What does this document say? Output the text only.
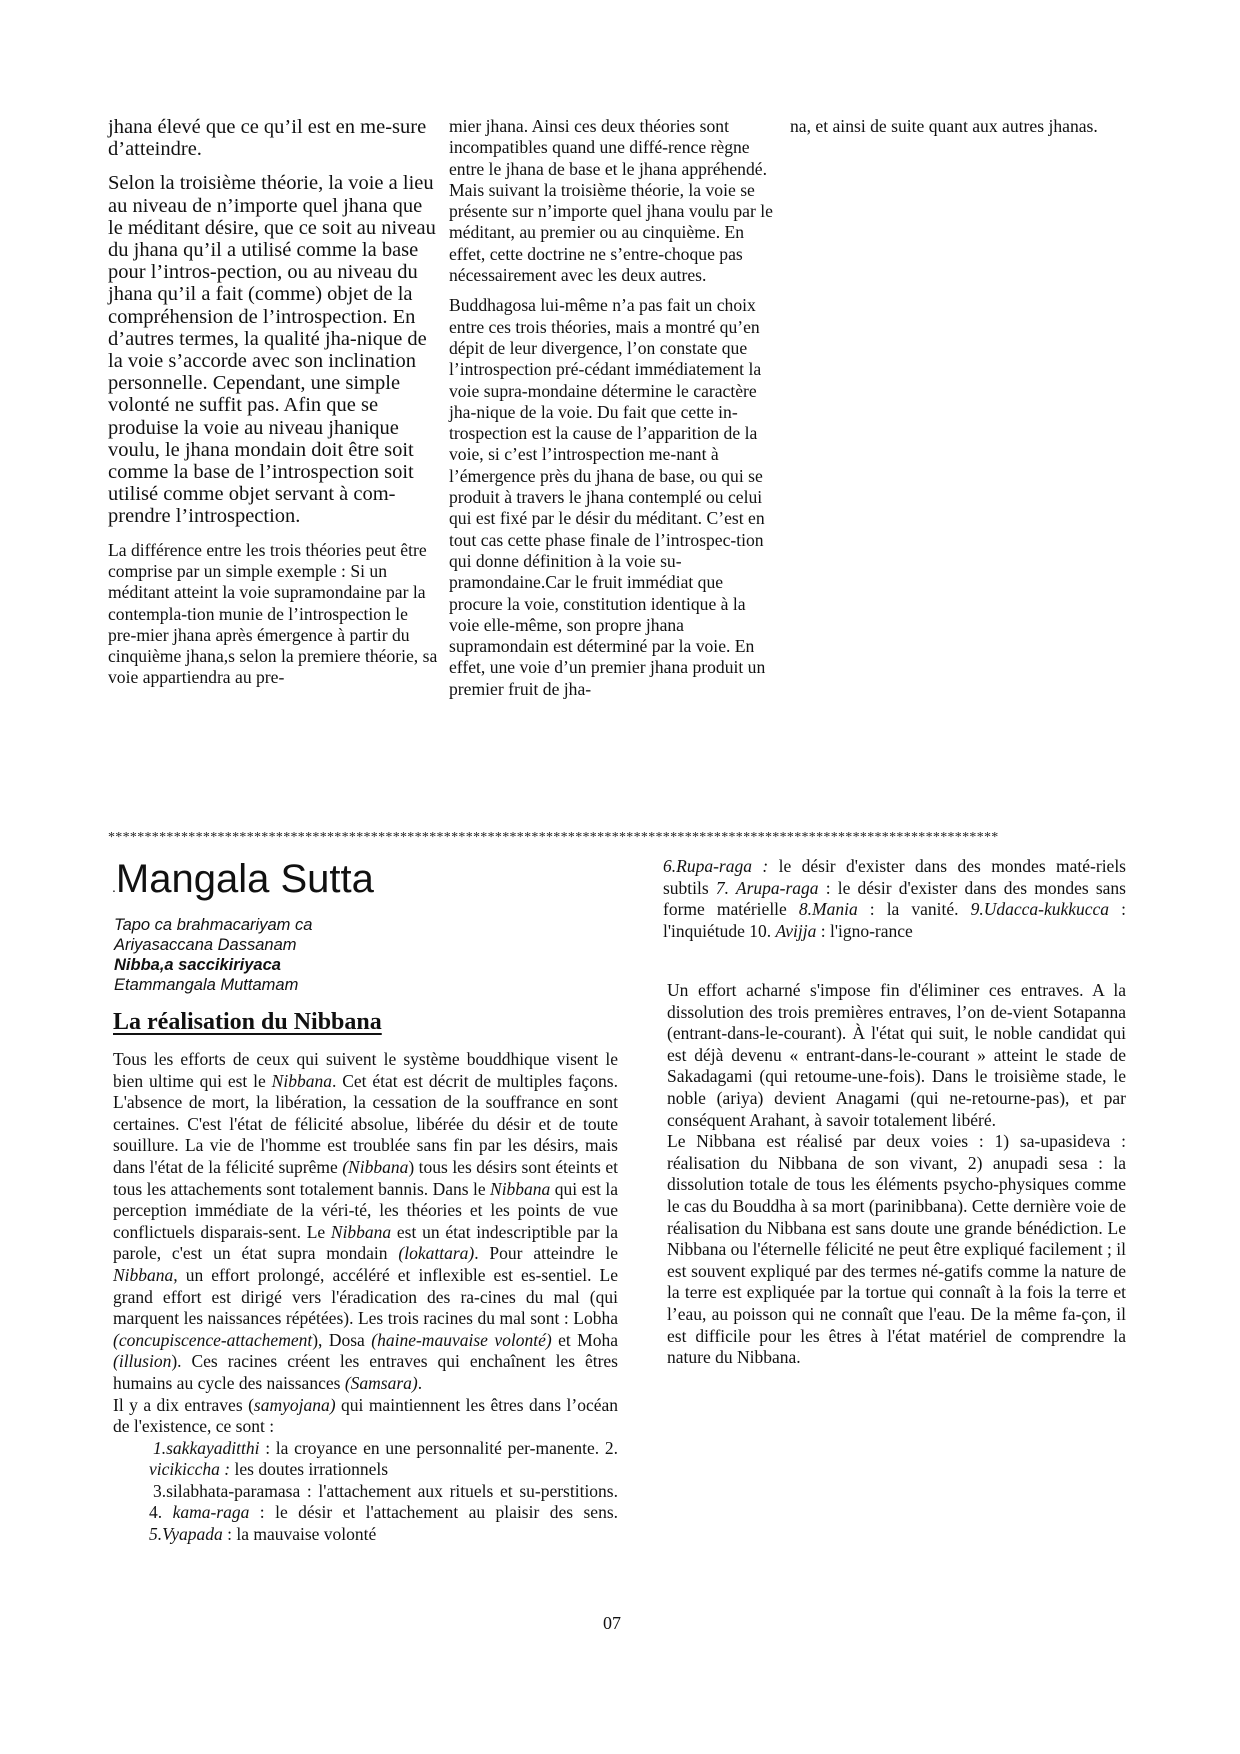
jhana élevé que ce qu’il est en me-sure d’atteindre.

Selon la troisième théorie, la voie a lieu au niveau de n’importe quel jhana que le méditant désire, que ce soit au niveau du jhana qu’il a utilisé comme la base pour l’intros-pection, ou au niveau du jhana qu’il a fait (comme) objet de la compréhension de l’introspection. En d’autres termes, la qualité jha-nique de la voie s’accorde avec son inclination personnelle. Cependant, une simple volonté ne suffit pas. Afin que se produise la voie au niveau jhanique voulu, le jhana mondain doit être soit comme la base de l’introspection soit utilisé comme objet servant à com-prendre l’introspection.

La différence entre les trois théories peut être comprise par un simple exemple : Si un méditant atteint la voie supramondaine par la contempla-tion munie de l’introspection le pre-mier jhana après émergence à partir du cinquième jhana,s selon la premiere théorie, sa voie appartiendra au pre-

mier jhana. Ainsi ces deux théories sont incompatibles quand une diffé-rence règne entre le jhana de base et le jhana appréhendé. Mais suivant la troisième théorie, la voie se présente sur n’importe quel jhana voulu par le méditant, au premier ou au cinquième. En effet, cette doctrine ne s’entre-choque pas nécessairement avec les deux autres.

Buddhagosa lui-même n’a pas fait un choix entre ces trois théories, mais a montré qu’en dépit de leur divergence, l’on constate que l’introspection pré-cédant immédiatement la voie supra-mondaine détermine le caractère jha-nique de la voie. Du fait que cette in-trospection est la cause de l’apparition de la voie, si c’est l’introspection me-nant à l’émergence près du jhana de base, ou qui se produit à travers le jhana contemplé ou celui qui est fixé par le désir du méditant. C’est en tout cas cette phase finale de l’introspec-tion qui donne définition à la voie su-pramondaine.Car le fruit immédiat que procure la voie, constitution identique à la voie elle-même, son propre jhana supramondain est déterminé par la voie. En effet, une voie d’un premier jhana produit un premier fruit de jha-

na, et ainsi de suite quant aux autres jhanas.

**************************************************************************************************************************
.Mangala Sutta
Tapo ca brahmacariyam ca
Ariyasaccana Dassanam
Nibba,a saccikiriyaca
Etammangala Muttamam
La réalisation du Nibbana

Tous les efforts de ceux qui suivent le système bouddhique visent le bien ultime qui est le Nibbana. Cet état est décrit de multiples façons. L'absence de mort, la libération, la cessation de la souffrance en sont certaines. C'est l'état de félicité absolue, libérée du désir et de toute souillure. La vie de l'homme est troublée sans fin par les désirs, mais dans l'état de la félicité suprême (Nibbana) tous les désirs sont éteints et tous les attachements sont totalement bannis. Dans le Nibbana qui est la perception immédiate de la véri-té, les théories et les points de vue conflictuels disparais-sent. Le Nibbana est un état indescriptible par la parole, c'est un état supra mondain (lokattara). Pour atteindre le Nibbana, un effort prolongé, accéléré et inflexible est es-sentiel. Le grand effort est dirigé vers l'éradication des ra-cines du mal (qui marquent les naissances répétées). Les trois racines du mal sont : Lobha (concupiscence-attachement), Dosa (haine-mauvaise volonté) et Moha (illusion). Ces racines créent les entraves qui enchaînent les êtres humains au cycle des naissances (Samsara).

Il y a dix entraves (samyojana) qui maintiennent les êtres dans l’océan de l'existence, ce sont :

1.sakkayaditthi : la croyance en une personnalité per-manente. 2. vicikiccha : les doutes irrationnels

3.silabhata-paramasa : l'attachement aux rituels et su-perstitions. 4. kama-raga : le désir et l'attachement au plaisir des sens. 5.Vyapada : la mauvaise volonté

6.Rupa-raga : le désir d'exister dans des mondes maté-riels subtils 7. Arupa-raga : le désir d'exister dans des mondes sans forme matérielle 8.Mania : la vanité. 9.Udacca-kukkucca : l'inquiétude 10. Avijja : l'igno-rance

Un effort acharné s'impose fin d'éliminer ces entraves. A la dissolution des trois premières entraves, l’on de-vient Sotapanna (entrant-dans-le-courant). À l'état qui suit, le noble candidat qui est déjà devenu « entrant-dans-le-courant » atteint le stade de Sakadagami (qui retoume-une-fois). Dans le troisième stade, le noble (ariya) devient Anagami (qui ne-retourne-pas), et par conséquent Arahant, à savoir totalement libéré.

Le Nibbana est réalisé par deux voies : 1) sa-upasideva : réalisation du Nibbana de son vivant, 2) anupadi sesa : la dissolution totale de tous les éléments psycho-physiques comme le cas du Bouddha à sa mort (parinibbana). Cette dernière voie de réalisation du Nibbana est sans doute une grande bénédiction. Le Nibbana ou l'éternelle félicité ne peut être expliqué facilement ; il est souvent expliqué par des termes né-gatifs comme la nature de la terre est expliquée par la tortue qui connaît à la fois la terre et l’eau, au poisson qui ne connaît que l'eau. De la même fa-çon, il est difficile pour les êtres à l'état matériel de comprendre la nature du Nibbana.

07
